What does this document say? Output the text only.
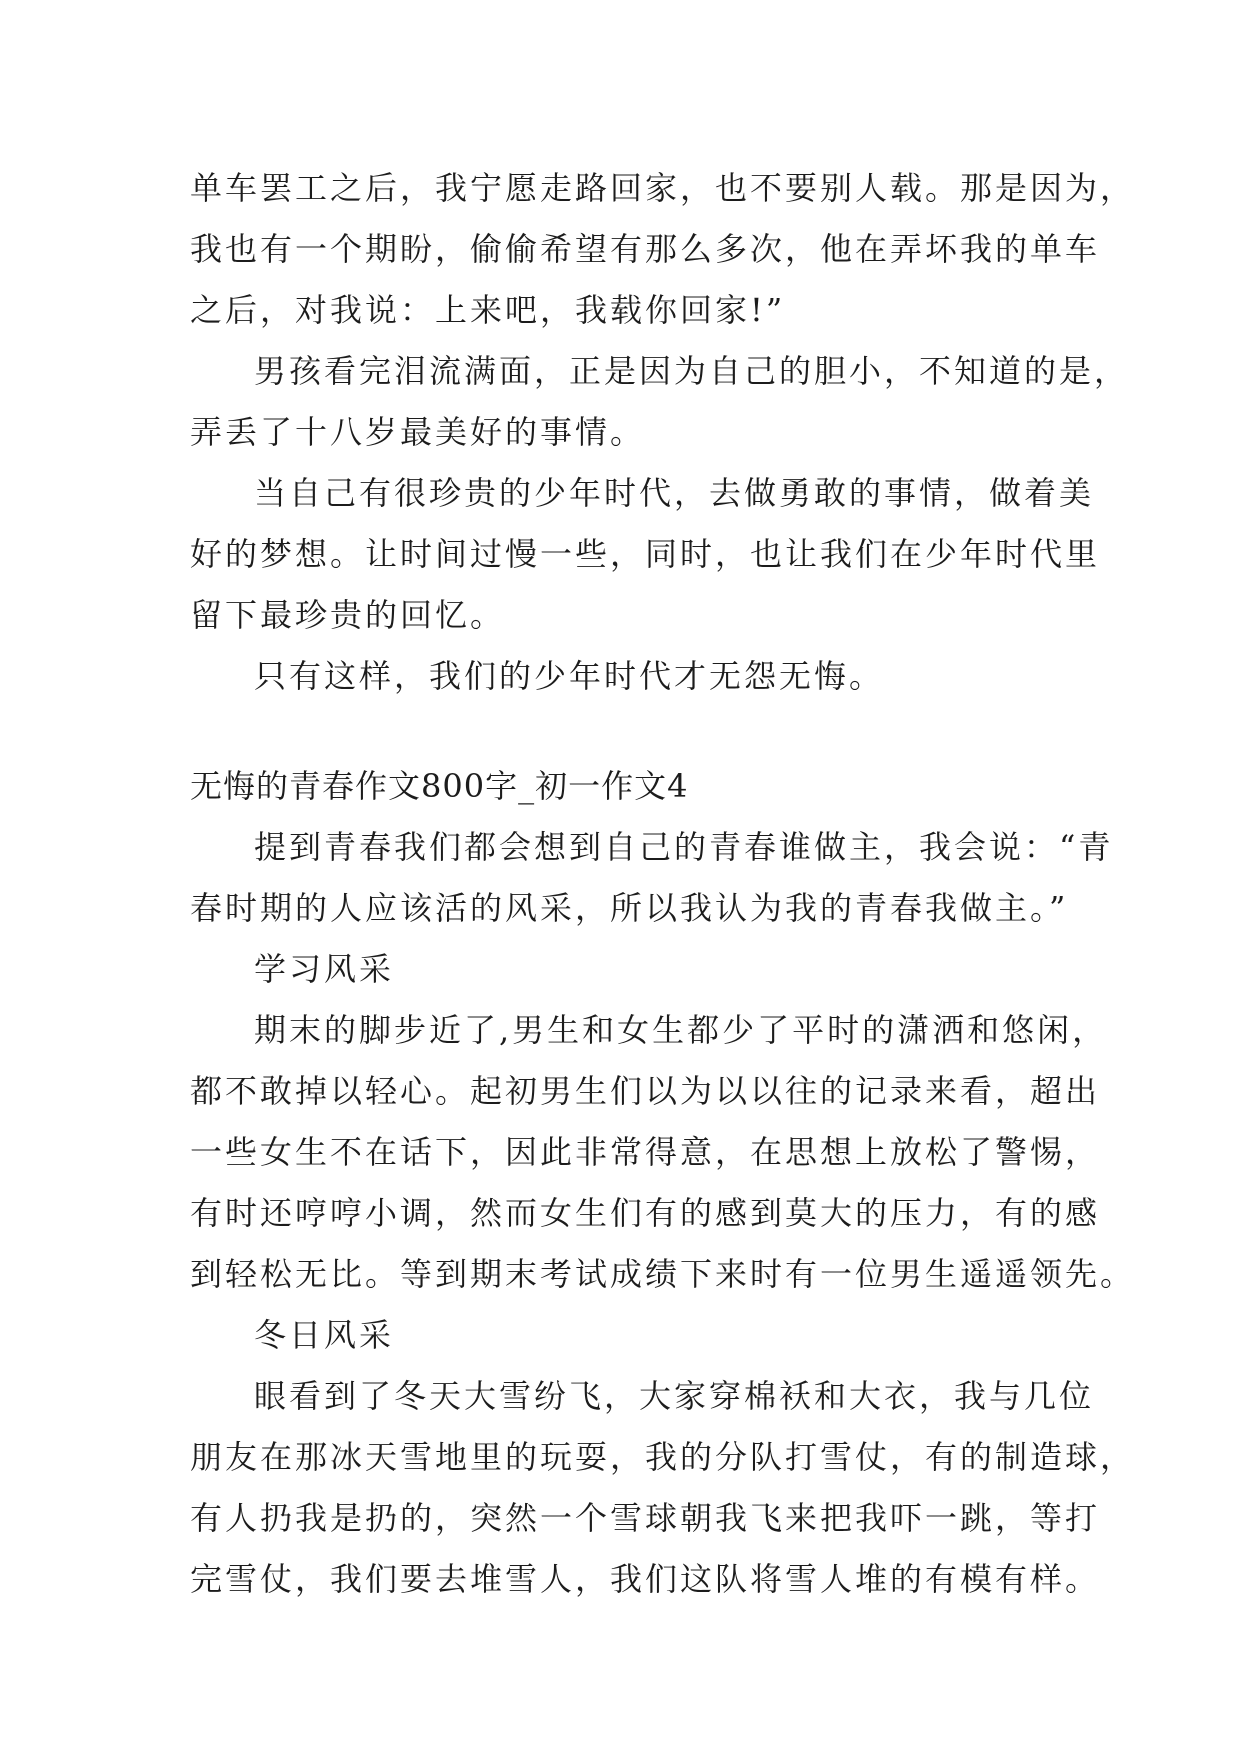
单车罢工之后，我宁愿走路回家，也不要别人载。那是因为，

我也有一个期盼，偷偷希望有那么多次，他在弄坏我的单车

之后，对我说：上来吧，我载你回家!”

男孩看完泪流满面，正是因为自己的胆小，不知道的是，

弄丢了十八岁最美好的事情。

当自己有很珍贵的少年时代，去做勇敢的事情，做着美

好的梦想。让时间过慢一些，同时，也让我们在少年时代里

留下最珍贵的回忆。

只有这样，我们的少年时代才无怨无悔。

无悔的青春作文800字_初一作文4

提到青春我们都会想到自己的青春谁做主，我会说：“青

春时期的人应该活的风采，所以我认为我的青春我做主。”

学习风采

期末的脚步近了,男生和女生都少了平时的潇洒和悠闲，

都不敢掉以轻心。起初男生们以为以以往的记录来看，超出

一些女生不在话下，因此非常得意，在思想上放松了警惕，

有时还哼哼小调，然而女生们有的感到莫大的压力，有的感

到轻松无比。等到期末考试成绩下来时有一位男生遥遥领先。

冬日风采

眼看到了冬天大雪纷飞，大家穿棉袄和大衣，我与几位

朋友在那冰天雪地里的玩耍，我的分队打雪仗，有的制造球，

有人扔我是扔的，突然一个雪球朝我飞来把我吓一跳，等打

完雪仗，我们要去堆雪人，我们这队将雪人堆的有模有样。
